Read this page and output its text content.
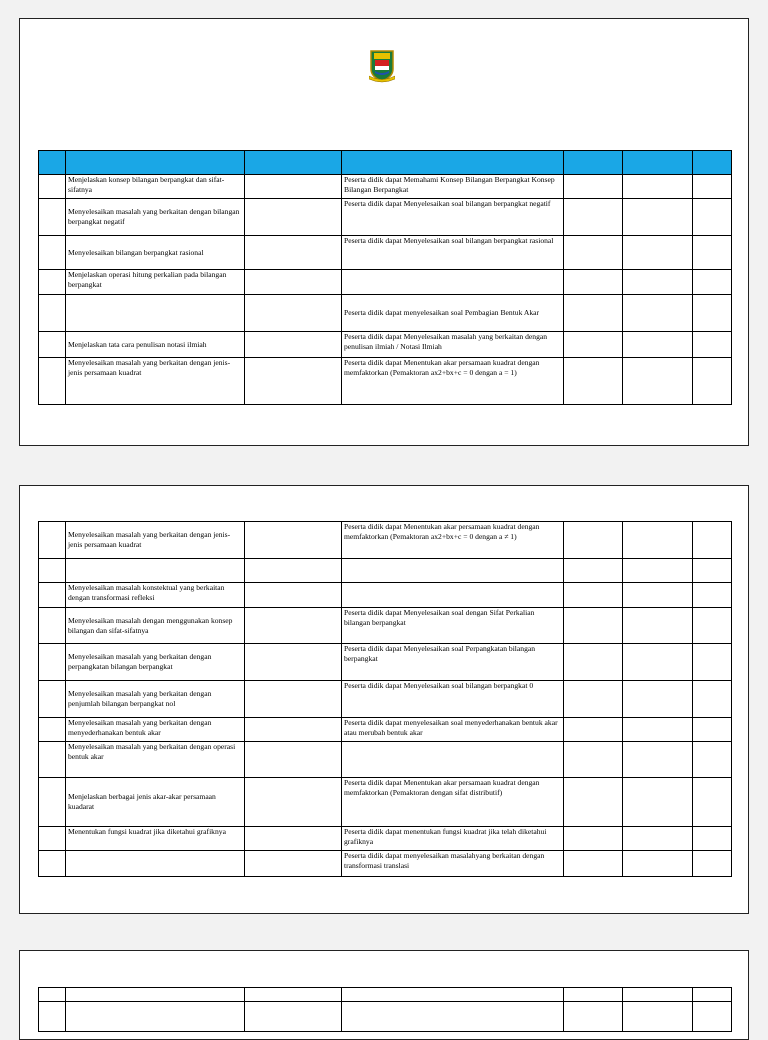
	Menjelaskan konsep bilangan berpangkat dan sifat-sifatnya		Peserta didik dapat Memahami Konsep Bilangan Berpangkat Konsep Bilangan Berpangkat			
	Menyelesaikan masalah yang berkaitan dengan bilangan berpangkat negatif		Peserta didik dapat Menyelesaikan soal bilangan berpangkat negatif			
	Menyelesaikan bilangan berpangkat rasional		Peserta didik dapat Menyelesaikan soal bilangan berpangkat rasional			
	Menjelaskan operasi hitung perkalian pada bilangan berpangkat					
			Peserta didik dapat menyelesaikan soal Pembagian Bentuk Akar			
	Menjelaskan tata cara penulisan notasi ilmiah		Peserta didik dapat Menyelesaikan masalah yang berkaitan dengan penulisan ilmiah / Notasi Ilmiah			
	Menyelesaikan masalah yang berkaitan dengan jenis-jenis persamaan kuadrat		Peserta didik dapat Menentukan akar persamaan kuadrat dengan memfaktorkan (Pemaktoran ax2+bx+c = 0 dengan a = 1)			
	Menyelesaikan masalah yang berkaitan dengan jenis-jenis persamaan kuadrat		Peserta didik dapat Menentukan akar persamaan kuadrat dengan memfaktorkan (Pemaktoran ax2+bx+c = 0 dengan a ≠ 1)			

	Menyelesaikan masalah konstektual yang berkaitan dengan transformasi refleksi					
	Menyelesaikan masalah dengan menggunakan konsep bilangan dan sifat-sifatnya		Peserta didik dapat Menyelesaikan soal dengan Sifat Perkalian bilangan berpangkat			
	Menyelesaikan masalah yang berkaitan dengan perpangkatan bilangan berpangkat		Peserta didik dapat Menyelesaikan soal Perpangkatan bilangan berpangkat			
	Menyelesaikan masalah yang berkaitan dengan penjumlah bilangan berpangkat nol		Peserta didik dapat Menyelesaikan soal bilangan berpangkat 0			
	Menyelesaikan masalah yang berkaitan dengan menyederhanakan bentuk akar		Peserta didik dapat menyelesaikan soal menyederhanakan bentuk akar atau merubah bentuk akar			
	Menyelesaikan masalah yang berkaitan dengan operasi bentuk akar					
	Menjelaskan berbagai jenis akar-akar persamaan kuadarat		Peserta didik dapat Menentukan akar persamaan kuadrat dengan memfaktorkan (Pemaktoran dengan sifat distributif)			
	Menentukan fungsi kuadrat jika diketahui grafiknya		Peserta didik dapat menentukan fungsi kuadrat jika telah diketahui grafiknya			
			Peserta didik dapat menyelesaikan masalahyang berkaitan dengan transformasi translasi			
